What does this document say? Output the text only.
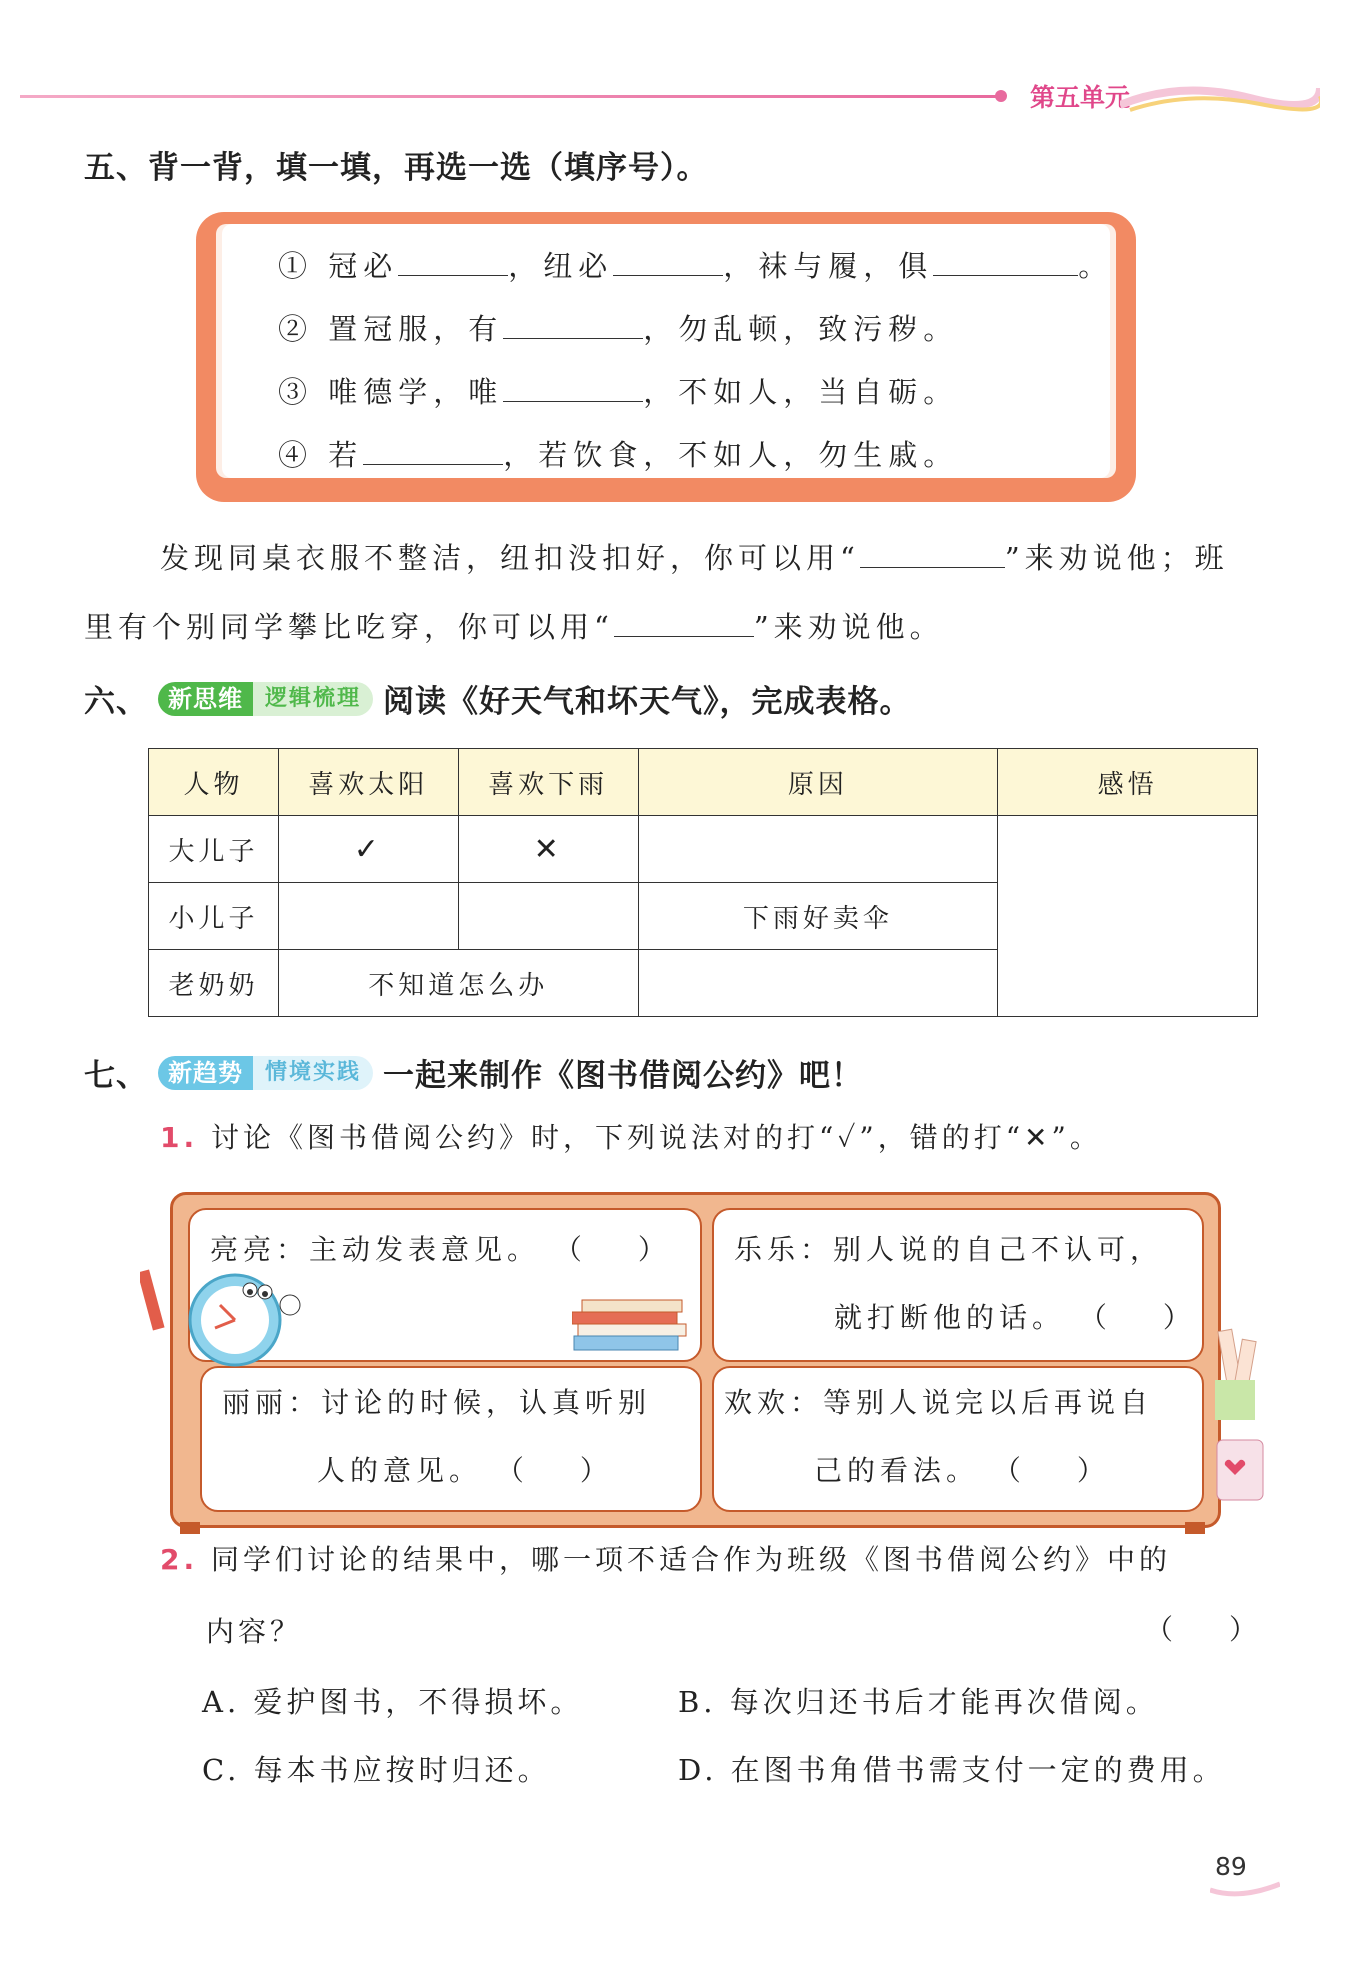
第五单元
五、背一背，填一填，再选一选（填序号）。
① 冠必	，纽必	，袜与履，俱	。
② 置冠服，有	，勿乱顿，致污秽。
③ 唯德学，唯	，不如人，当自砺。
④ 若	，若饮食，不如人，勿生戚。
发现同桌衣服不整洁，纽扣没扣好，你可以用“	”来劝说他；班
里有个别同学攀比吃穿，你可以用“	”来劝说他。
六、 新思维	逻辑梳理 阅读《好天气和坏天气》，完成表格。
人物	喜欢太阳	喜欢下雨	原因	感悟
大儿子	✓	✕		
小儿子			下雨好卖伞	
老奶奶	不知道怎么办			
七、 新趋势	情境实践 一起来制作《图书借阅公约》吧！
1. 讨论《图书借阅公约》时，下列说法对的打“✓”，错的打“✕”。
亮亮：主动发表意见。 （　　） 乐乐：别人说的自己不认可，
就打断他的话。 （　　）
丽丽：讨论的时候，认真听别
人的意见。 （　　）
欢欢：等别人说完以后再说自
己的看法。 （　　）
2. 同学们讨论的结果中，哪一项不适合作为班级《图书借阅公约》中的
内容？	（　　）
A. 爱护图书，不得损坏。	B. 每次归还书后才能再次借阅。
C. 每本书应按时归还。	D. 在图书角借书需支付一定的费用。
89
